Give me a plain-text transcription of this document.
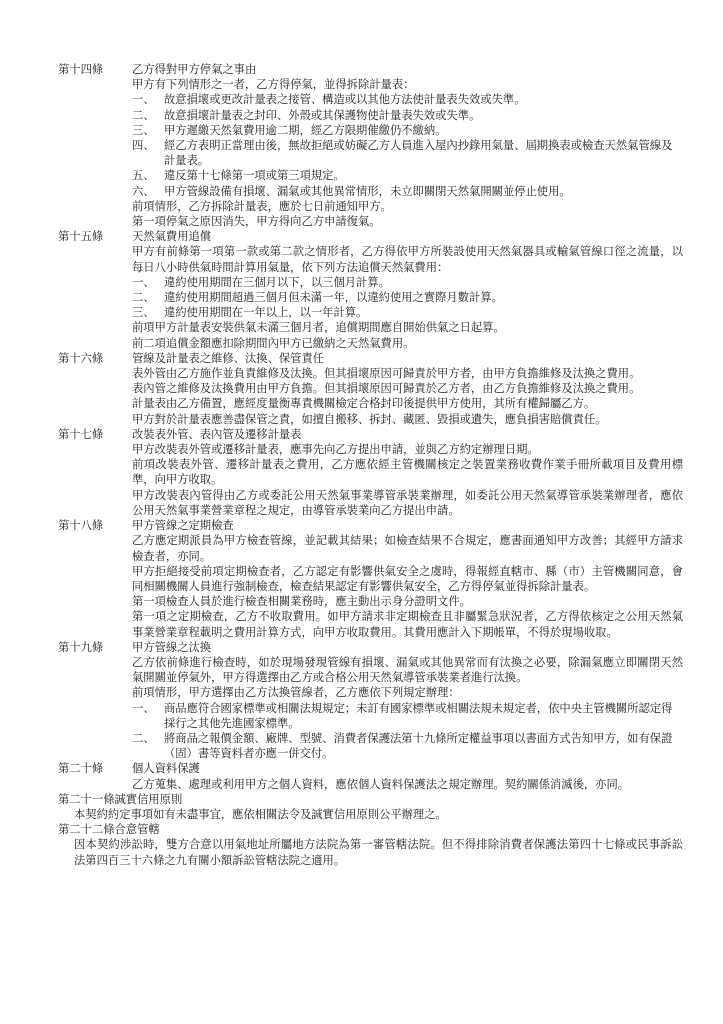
第十四條	乙方得對甲方停氣之事由
甲方有下列情形之一者，乙方得停氣，並得拆除計量表：
一、 故意損壞或更改計量表之接管、構造或以其他方法使計量表失效或失準。
二、 故意損壞計量表之封印、外殼或其保護物使計量表失效或失準。
三、 甲方遲繳天然氣費用逾二期，經乙方限期催繳仍不繳納。
四、 經乙方表明正當理由後，無故拒絕或妨礙乙方人員進入屋內抄錄用氣量、屆期換表或檢查天然氣管線及計量表。
五、 違反第十七條第一項或第三項規定。
六、 甲方管線設備有損壞、漏氣或其他異常情形，未立即關閉天然氣開關並停止使用。
前項情形，乙方拆除計量表，應於七日前通知甲方。
第一項停氣之原因消失，甲方得向乙方申請復氣。
第十五條	天然氣費用追償
甲方有前條第一項第一款或第二款之情形者，乙方得依甲方所裝設使用天然氣器具或輸氣管線口徑之流量，以每日八小時供氣時間計算用氣量，依下列方法追償天然氣費用：
一、 違約使用期間在三個月以下，以三個月計算。
二、 違約使用期間超過三個月但未滿一年，以違約使用之實際月數計算。
三、 違約使用期間在一年以上，以一年計算。
前項甲方計量表安裝供氣未滿三個月者，追償期間應自開始供氣之日起算。
前二項追償金額應扣除期間內甲方已繳納之天然氣費用。
第十六條	管線及計量表之維修、汰換、保管責任
表外管由乙方施作並負責維修及汰換。但其損壞原因可歸責於甲方者，由甲方負擔維修及汰換之費用。
表內管之維修及汰換費用由甲方負擔。但其損壞原因可歸責於乙方者，由乙方負擔維修及汰換之費用。
計量表由乙方備置，應經度量衡專責機關檢定合格封印後提供甲方使用，其所有權歸屬乙方。
甲方對於計量表應善盡保管之責，如擅自搬移、拆封、藏匿、毀損或遺失，應負損害賠償責任。
第十七條	改裝表外管、表內管及遷移計量表
甲方改裝表外管或遷移計量表，應事先向乙方提出申請，並與乙方約定辦理日期。
前項改裝表外管、遷移計量表之費用，乙方應依經主管機關核定之裝置業務收費作業手冊所載項目及費用標準，向甲方收取。
甲方改裝表內管得由乙方或委託公用天然氣事業導管承裝業辦理，如委託公用天然氣導管承裝業辦理者，應依公用天然氣事業營業章程之規定，由導管承裝業向乙方提出申請。
第十八條	甲方管線之定期檢查
乙方應定期派員為甲方檢查管線，並記載其結果；如檢查結果不合規定，應書面通知甲方改善；其經甲方請求檢查者，亦同。
甲方拒絕接受前項定期檢查者，乙方認定有影響供氣安全之虞時，得報經直轄市、縣（市）主管機關同意，會同相關機關人員進行強制檢查，檢查結果認定有影響供氣安全，乙方得停氣並得拆除計量表。
第一項檢查人員於進行檢查相關業務時，應主動出示身分證明文件。
第一項之定期檢查，乙方不收取費用。如甲方請求非定期檢查且非屬緊急狀況者，乙方得依核定之公用天然氣事業營業章程載明之費用計算方式，向甲方收取費用。其費用應計入下期帳單，不得於現場收取。
第十九條	甲方管線之汰換
乙方依前條進行檢查時，如於現場發現管線有損壞、漏氣或其他異常而有汰換之必要，除漏氣應立即關閉天然氣開關並停氣外，甲方得選擇由乙方或合格公用天然氣導管承裝業者進行汰換。
前項情形，甲方選擇由乙方汰換管線者，乙方應依下列規定辦理：
一、 商品應符合國家標準或相關法規規定；未訂有國家標準或相關法規未規定者，依中央主管機關所認定得採行之其他先進國家標準。
二、 將商品之報價金額、廠牌、型號、消費者保護法第十九條所定權益事項以書面方式告知甲方，如有保證（固）書等資料者亦應一併交付。
第二十條	個人資料保護
乙方蒐集、處理或利用甲方之個人資料，應依個人資料保護法之規定辦理。契約關係消滅後，亦同。
第二十一條 誠實信用原則
本契約約定事項如有未盡事宜，應依相關法令及誠實信用原則公平辦理之。
第二十二條 合意管轄
因本契約涉訟時，雙方合意以用氣地址所屬地方法院為第一審管轄法院。但不得排除消費者保護法第四十七條或民事訴訟法第四百三十六條之九有關小額訴訟管轄法院之適用。
